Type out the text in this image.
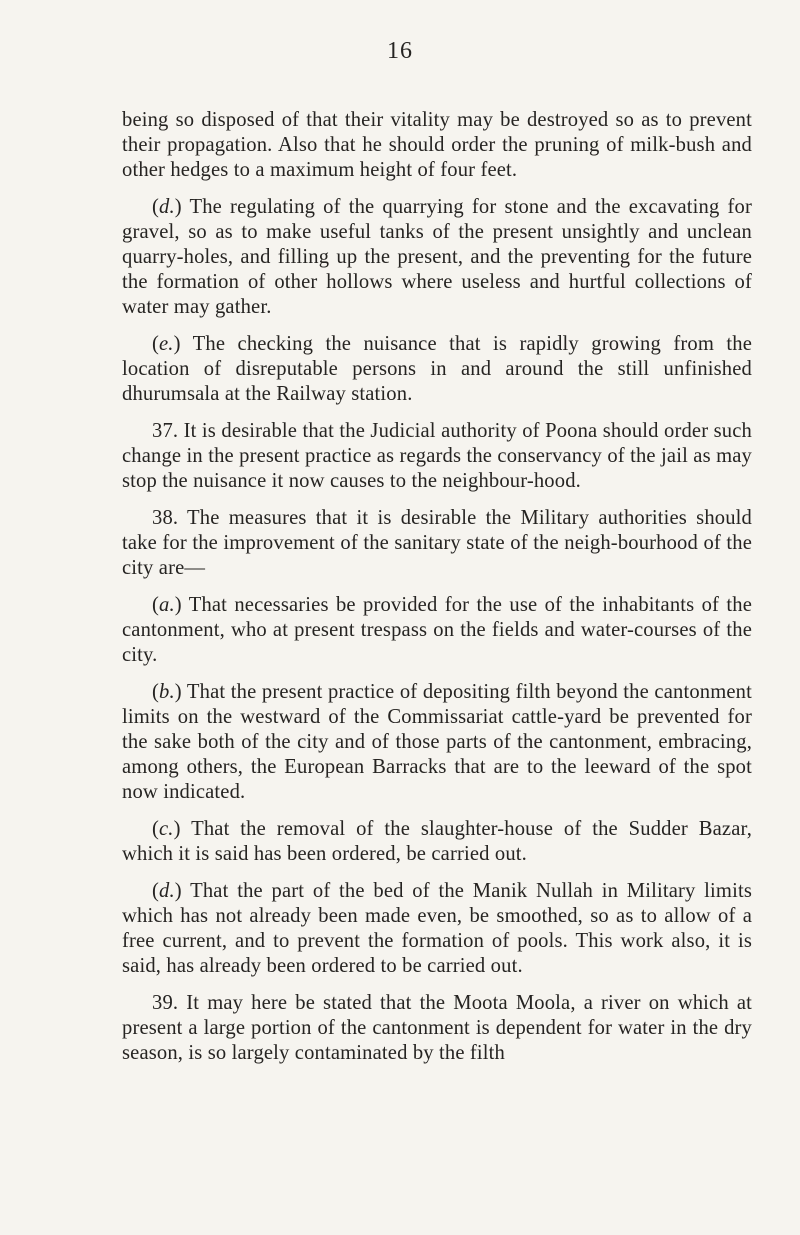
16

being so disposed of that their vitality may be destroyed so as to prevent their propagation. Also that he should order the pruning of milk-bush and other hedges to a maximum height of four feet.

(d.) The regulating of the quarrying for stone and the excavating for gravel, so as to make useful tanks of the present unsightly and unclean quarry-holes, and filling up the present, and the preventing for the future the formation of other hollows where useless and hurtful collections of water may gather.

(e.) The checking the nuisance that is rapidly growing from the location of disreputable persons in and around the still unfinished dhurumsala at the Railway station.

37. It is desirable that the Judicial authority of Poona should order such change in the present practice as regards the conservancy of the jail as may stop the nuisance it now causes to the neighbour-hood.

38. The measures that it is desirable the Military authorities should take for the improvement of the sanitary state of the neigh-bourhood of the city are—

(a.) That necessaries be provided for the use of the inhabitants of the cantonment, who at present trespass on the fields and water-courses of the city.

(b.) That the present practice of depositing filth beyond the cantonment limits on the westward of the Commissariat cattle-yard be prevented for the sake both of the city and of those parts of the cantonment, embracing, among others, the European Barracks that are to the leeward of the spot now indicated.

(c.) That the removal of the slaughter-house of the Sudder Bazar, which it is said has been ordered, be carried out.

(d.) That the part of the bed of the Manik Nullah in Military limits which has not already been made even, be smoothed, so as to allow of a free current, and to prevent the formation of pools. This work also, it is said, has already been ordered to be carried out.

39. It may here be stated that the Moota Moola, a river on which at present a large portion of the cantonment is dependent for water in the dry season, is so largely contaminated by the filth
